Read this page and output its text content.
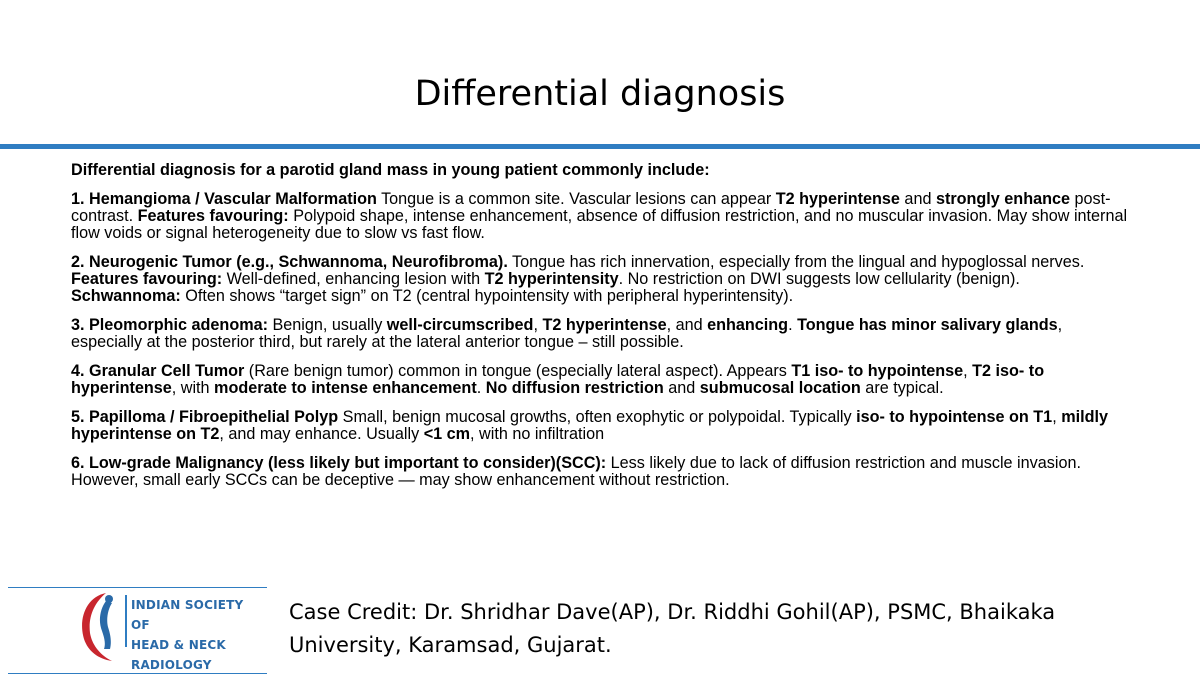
Differential diagnosis
Differential diagnosis for a parotid gland mass in young patient commonly include:
1. Hemangioma / Vascular Malformation Tongue is a common site. Vascular lesions can appear T2 hyperintense and strongly enhance post-contrast. Features favouring: Polypoid shape, intense enhancement, absence of diffusion restriction, and no muscular invasion. May show internal flow voids or signal heterogeneity due to slow vs fast flow.
2. Neurogenic Tumor (e.g., Schwannoma, Neurofibroma). Tongue has rich innervation, especially from the lingual and hypoglossal nerves. Features favouring: Well-defined, enhancing lesion with T2 hyperintensity. No restriction on DWI suggests low cellularity (benign). Schwannoma: Often shows “target sign” on T2 (central hypointensity with peripheral hyperintensity).
3. Pleomorphic adenoma: Benign, usually well-circumscribed, T2 hyperintense, and enhancing. Tongue has minor salivary glands, especially at the posterior third, but rarely at the lateral anterior tongue – still possible.
4. Granular Cell Tumor (Rare benign tumor) common in tongue (especially lateral aspect). Appears T1 iso- to hypointense, T2 iso- to hyperintense, with moderate to intense enhancement. No diffusion restriction and submucosal location are typical.
5. Papilloma / Fibroepithelial Polyp Small, benign mucosal growths, often exophytic or polypoidal. Typically iso- to hypointense on T1, mildly hyperintense on T2, and may enhance. Usually <1 cm, with no infiltration
6. Low-grade Malignancy (less likely but important to consider)(SCC): Less likely due to lack of diffusion restriction and muscle invasion. However, small early SCCs can be deceptive — may show enhancement without restriction.
INDIAN SOCIETY OF
HEAD & NECK
RADIOLOGY
Case Credit: Dr. Shridhar Dave(AP), Dr. Riddhi Gohil(AP), PSMC, Bhaikaka University, Karamsad, Gujarat.
